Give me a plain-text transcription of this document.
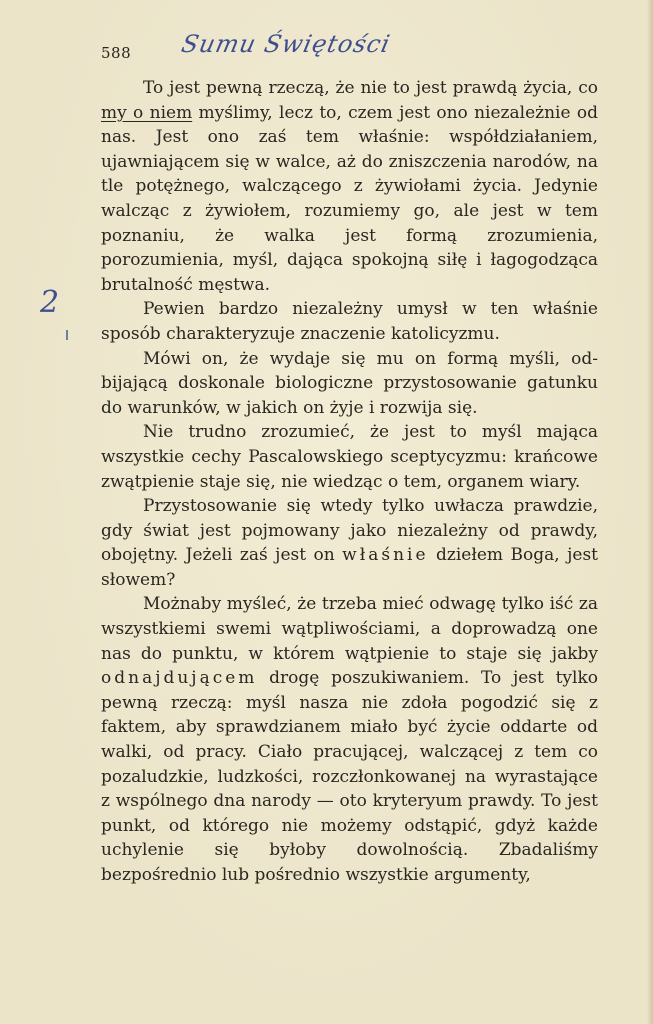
588 Sumu Świętości
2

To jest pewną rzeczą, że nie to jest prawdą życia, co my o niem myślimy, lecz to, czem jest ono niezależnie od nas. Jest ono zaś tem właśnie: współdziałaniem, ujawniającem się w walce, aż do zniszczenia narodów, na tle potężnego, walczącego z żywiołami życia. Jedynie walcząc z żywiołem, rozumiemy go, ale jest w tem poznaniu, że walka jest formą zrozumienia, porozumienia, myśl, dająca spokojną siłę i łagogodząca brutalność męstwa.

Pewien bardzo niezależny umysł w ten właśnie sposób charakteryzuje znaczenie katolicyzmu.

Mówi on, że wydaje się mu on formą myśli, odbijającą doskonale biologiczne przystosowanie gatunku do warunków, w jakich on żyje i rozwija się.

Nie trudno zrozumieć, że jest to myśl mająca wszystkie cechy Pascalowskiego sceptycyzmu: krańcowe zwątpienie staje się, nie wiedząc o tem, organem wiary.

Przystosowanie się wtedy tylko uwłacza prawdzie, gdy świat jest pojmowany jako niezależny od prawdy, obojętny. Jeżeli zaś jest on właśnie dziełem Boga, jest słowem?

Możnaby myśleć, że trzeba mieć odwagę tylko iść za wszystkiemi swemi wątpliwościami, a doprowadzą one nas do punktu, w którem wątpienie to staje się jakby odnajdującem drogę poszukiwaniem. To jest tylko pewną rzeczą: myśl nasza nie zdoła pogodzić się z faktem, aby sprawdzianem miało być życie oddarte od walki, od pracy. Ciało pracującej, walczącej z tem co pozaludzkie, ludzkości, rozczłonkowanej na wyrastające z wspólnego dna narody — oto kryteryum prawdy. To jest punkt, od którego nie możemy odstąpić, gdyż każde uchylenie się byłoby dowolnością. Zbadaliśmy bezpośrednio lub pośrednio wszystkie argumenty,
